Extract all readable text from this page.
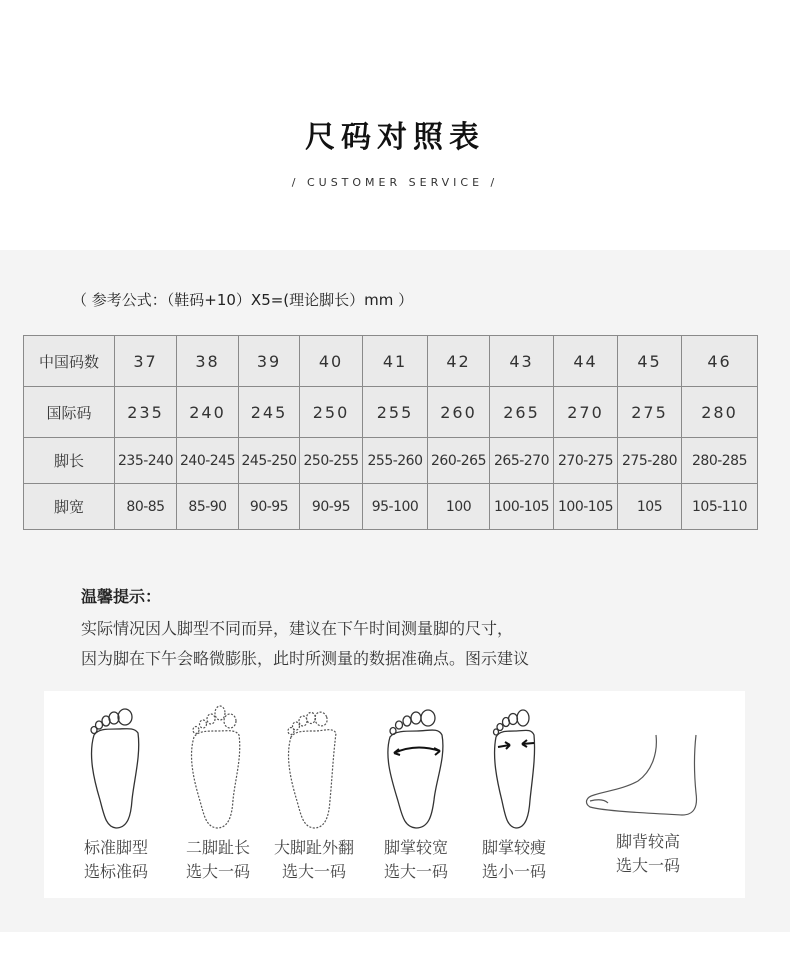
尺码对照表
/ CUSTOMER SERVICE /
（ 参考公式：（鞋码+10）X5=(理论脚长）mm ）
中国码数	37	38	39	40	41	42	43	44	45	46
国际码	235	240	245	250	255	260	265	270	275	280
脚长	235-240	240-245	245-250	250-255	255-260	260-265	265-270	270-275	275-280	280-285
脚宽	80-85	85-90	90-95	90-95	95-100	100	100-105	100-105	105	105-110
温馨提示：
实际情况因人脚型不同而异，建议在下午时间测量脚的尺寸，
因为脚在下午会略微膨胀，此时所测量的数据准确点。图示建议
标准脚型
选标准码
二脚趾长
选大一码
大脚趾外翻
选大一码
脚掌较宽
选大一码
脚掌较瘦
选小一码
脚背较高
选大一码
